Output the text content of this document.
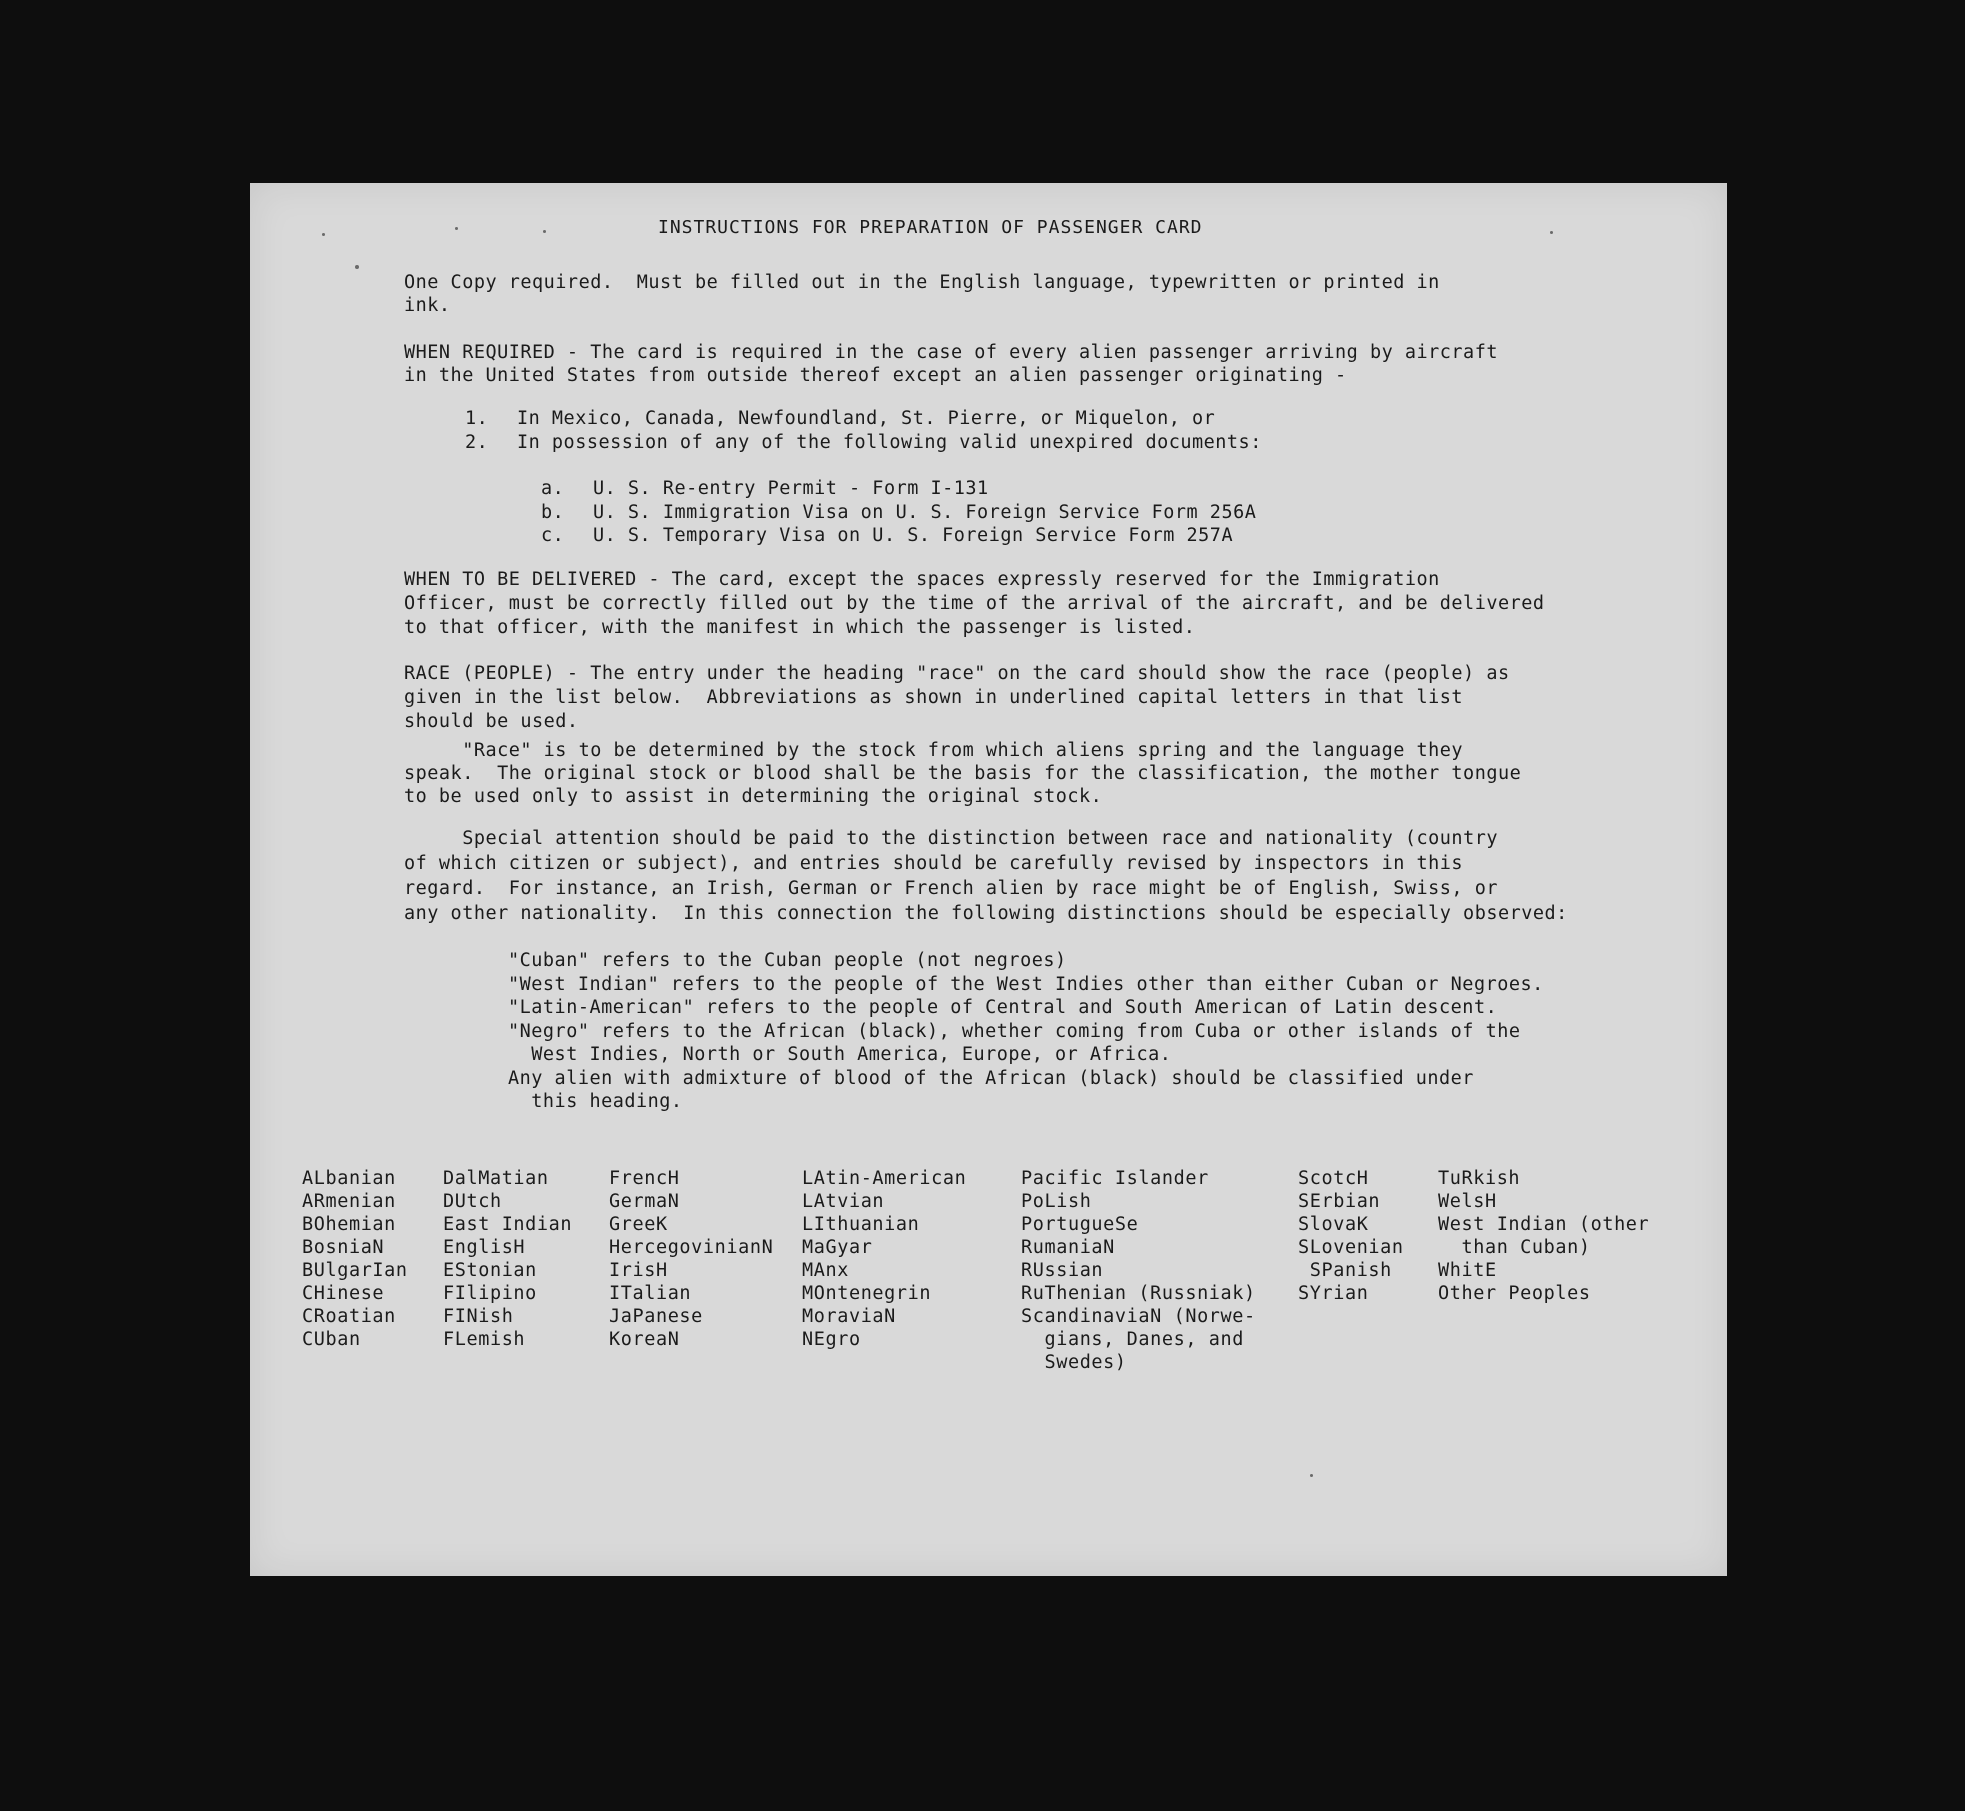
INSTRUCTIONS FOR PREPARATION OF PASSENGER CARD

One Copy required.  Must be filled out in the English language, typewritten or printed in
ink.

WHEN REQUIRED - The card is required in the case of every alien passenger arriving by aircraft
in the United States from outside thereof except an alien passenger originating -

1. In Mexico, Canada, Newfoundland, St. Pierre, or Miquelon, or
2. In possession of any of the following valid unexpired documents:
a. U. S. Re-entry Permit - Form I-131
b. U. S. Immigration Visa on U. S. Foreign Service Form 256A
c. U. S. Temporary Visa on U. S. Foreign Service Form 257A

WHEN TO BE DELIVERED - The card, except the spaces expressly reserved for the Immigration
Officer, must be correctly filled out by the time of the arrival of the aircraft, and be delivered
to that officer, with the manifest in which the passenger is listed.

RACE (PEOPLE) - The entry under the heading "race" on the card should show the race (people) as
given in the list below.  Abbreviations as shown in underlined capital letters in that list
should be used.

"Race" is to be determined by the stock from which aliens spring and the language they
speak.  The original stock or blood shall be the basis for the classification, the mother tongue
to be used only to assist in determining the original stock.

Special attention should be paid to the distinction between race and nationality (country
of which citizen or subject), and entries should be carefully revised by inspectors in this
regard.  For instance, an Irish, German or French alien by race might be of English, Swiss, or
any other nationality.  In this connection the following distinctions should be especially observed:

"Cuban" refers to the Cuban people (not negroes)
"West Indian" refers to the people of the West Indies other than either Cuban or Negroes.
"Latin-American" refers to the people of Central and South American of Latin descent.
"Negro" refers to the African (black), whether coming from Cuba or other islands of the
West Indies, North or South America, Europe, or Africa.
Any alien with admixture of blood of the African (black) should be classified under
this heading.
ALbanian
ARmenian
BOhemian
BosniaN
BUlgarIan
CHinese
CRoatian
CUban
DalMatian
DUtch
East Indian
EnglisH
EStonian
FIlipino
FINish
FLemish
FrencH
GermaN
GreeK
HercegovinianN
IrisH
ITalian
JaPanese
KoreaN
LAtin-American
LAtvian
LIthuanian
MaGyar
MAnx
MOntenegrin
MoraviaN
NEgro
Pacific Islander
PoLish
PortugueSe
RumaniaN
RUssian
RuThenian (Russniak)
ScandinaviaN (Norwe-
gians, Danes, and
Swedes)
ScotcH
SErbian
SlovaK
SLovenian
SPanish
SYrian
TuRkish
WelsH
West Indian (other
than Cuban)
WhitE
Other Peoples
